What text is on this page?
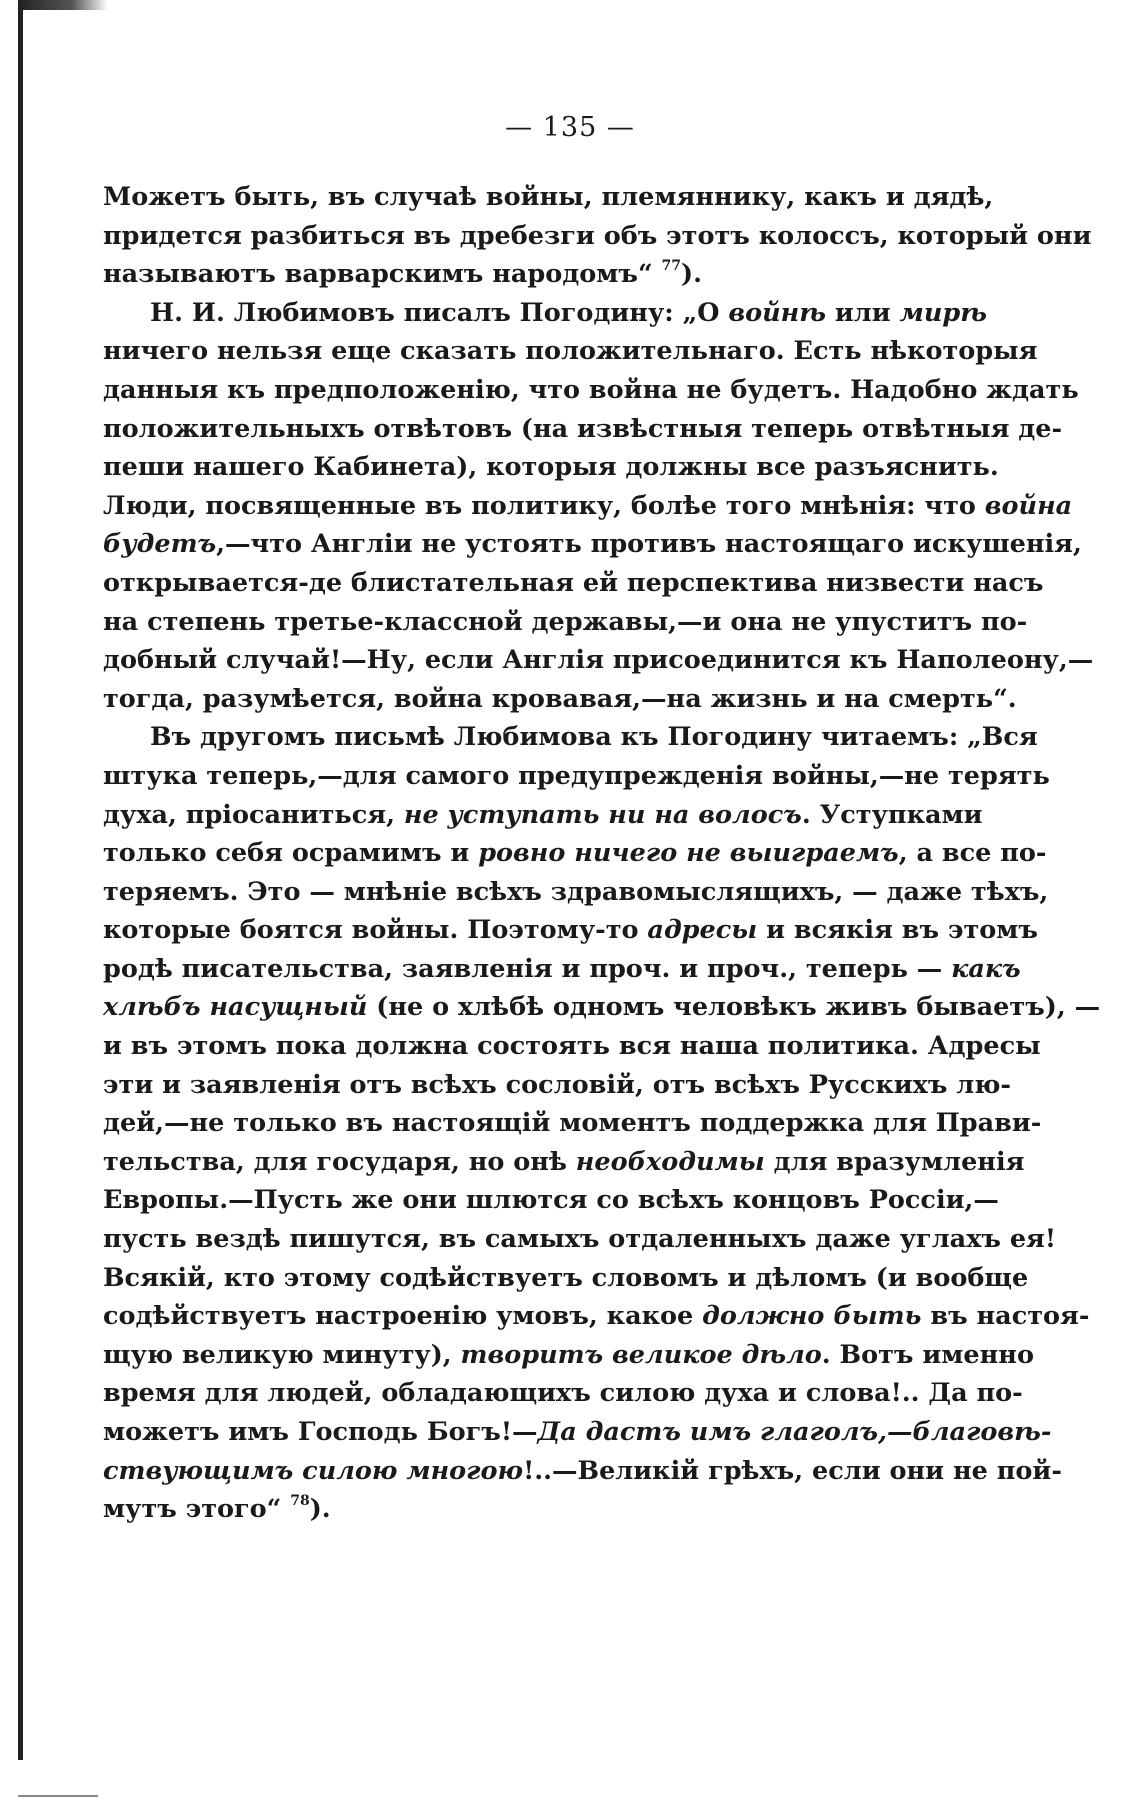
— 135 —
Можетъ быть, въ случаѣ войны, племяннику, какъ и дядѣ,
придется разбиться въ дребезги объ этотъ колоссъ, который они
называютъ варварскимъ народомъ“ $^{77}$).
Н. И. Любимовъ писалъ Погодину: „О войнѣ или мирѣ
ничего нельзя еще сказать положительнаго. Есть нѣкоторыя
данныя къ предположенію, что война не будетъ. Надобно ждать
положительныхъ отвѣтовъ (на извѣстныя теперь отвѣтныя де-
пеши нашего Кабинета), которыя должны все разъяснить.
Люди, посвященные въ политику, болѣе того мнѣнія: что война
будетъ,—что Англіи не устоять противъ настоящаго искушенія,
открывается-де блистательная ей перспектива низвести насъ
на степень третье-классной державы,—и она не упуститъ по-
добный случай!—Ну, если Англія присоединится къ Наполеону,—
тогда, разумѣется, война кровавая,—на жизнь и на смерть“.
Въ другомъ письмѣ Любимова къ Погодину читаемъ: „Вся
штука теперь,—для самого предупрежденія войны,—не терять
духа, пріосаниться, не уступать ни на волосъ. Уступками
только себя осрамимъ и ровно ничего не выиграемъ, а все по-
теряемъ. Это — мнѣніе всѣхъ здравомыслящихъ, — даже тѣхъ,
которые боятся войны. Поэтому-то адресы и всякія въ этомъ
родѣ писательства, заявленія и проч. и проч., теперь — какъ
хлѣбъ насущный (не о хлѣбѣ одномъ человѣкъ живъ бываетъ), —
и въ этомъ пока должна состоять вся наша политика. Адресы
эти и заявленія отъ всѣхъ сословій, отъ всѣхъ Русскихъ лю-
дей,—не только въ настоящій моментъ поддержка для Прави-
тельства, для государя, но онѣ необходимы для вразумленія
Европы.—Пусть же они шлются со всѣхъ концовъ Россіи,—
пусть вездѣ пишутся, въ самыхъ отдаленныхъ даже углахъ ея!
Всякій, кто этому содѣйствуетъ словомъ и дѣломъ (и вообще
содѣйствуетъ настроенію умовъ, какое должно быть въ настоя-
щую великую минуту), творитъ великое дѣло. Вотъ именно
время для людей, обладающихъ силою духа и слова!.. Да по-
можетъ имъ Господь Богъ!—Да дастъ имъ глаголъ,—благовѣ-
ствующимъ силою многою!..—Великій грѣхъ, если они не пой-
мутъ этого“ $^{78}$).
